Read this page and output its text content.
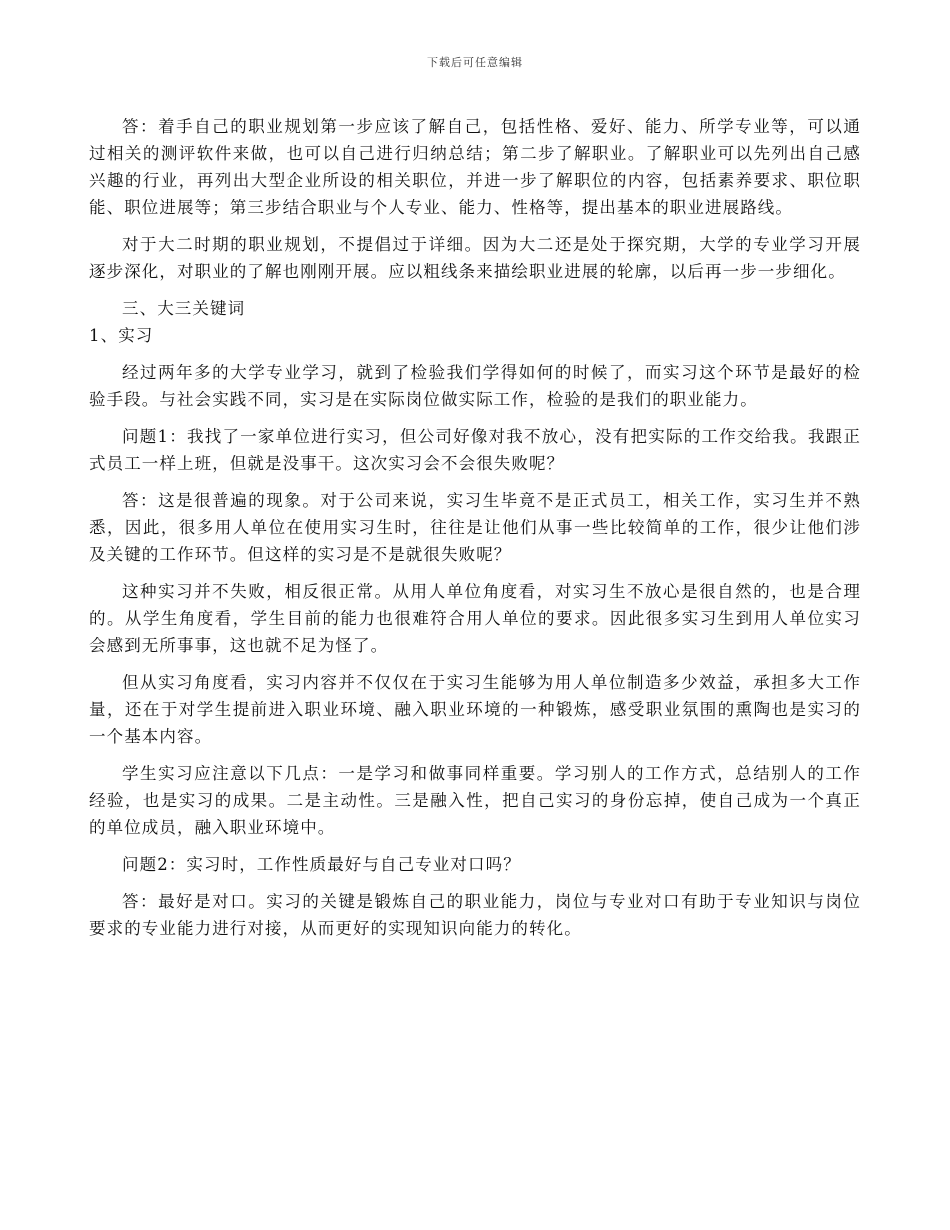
下载后可任意编辑

答：着手自己的职业规划第一步应该了解自己，包括性格、爱好、能力、所学专业等，可以通过相关的测评软件来做，也可以自己进行归纳总结；第二步了解职业。了解职业可以先列出自己感兴趣的行业，再列出大型企业所设的相关职位，并进一步了解职位的内容，包括素养要求、职位职能、职位进展等；第三步结合职业与个人专业、能力、性格等，提出基本的职业进展路线。

对于大二时期的职业规划，不提倡过于详细。因为大二还是处于探究期，大学的专业学习开展逐步深化，对职业的了解也刚刚开展。应以粗线条来描绘职业进展的轮廓，以后再一步一步细化。

三、大三关键词

1、实习

经过两年多的大学专业学习，就到了检验我们学得如何的时候了，而实习这个环节是最好的检验手段。与社会实践不同，实习是在实际岗位做实际工作，检验的是我们的职业能力。

问题1：我找了一家单位进行实习，但公司好像对我不放心，没有把实际的工作交给我。我跟正式员工一样上班，但就是没事干。这次实习会不会很失败呢？

答：这是很普遍的现象。对于公司来说，实习生毕竟不是正式员工，相关工作，实习生并不熟悉，因此，很多用人单位在使用实习生时，往往是让他们从事一些比较简单的工作，很少让他们涉及关键的工作环节。但这样的实习是不是就很失败呢？

这种实习并不失败，相反很正常。从用人单位角度看，对实习生不放心是很自然的，也是合理的。从学生角度看，学生目前的能力也很难符合用人单位的要求。因此很多实习生到用人单位实习会感到无所事事，这也就不足为怪了。

但从实习角度看，实习内容并不仅仅在于实习生能够为用人单位制造多少效益，承担多大工作量，还在于对学生提前进入职业环境、融入职业环境的一种锻炼，感受职业氛围的熏陶也是实习的一个基本内容。

学生实习应注意以下几点：一是学习和做事同样重要。学习别人的工作方式，总结别人的工作经验，也是实习的成果。二是主动性。三是融入性，把自己实习的身份忘掉，使自己成为一个真正的单位成员，融入职业环境中。

问题2：实习时，工作性质最好与自己专业对口吗？

答：最好是对口。实习的关键是锻炼自己的职业能力，岗位与专业对口有助于专业知识与岗位要求的专业能力进行对接，从而更好的实现知识向能力的转化。
